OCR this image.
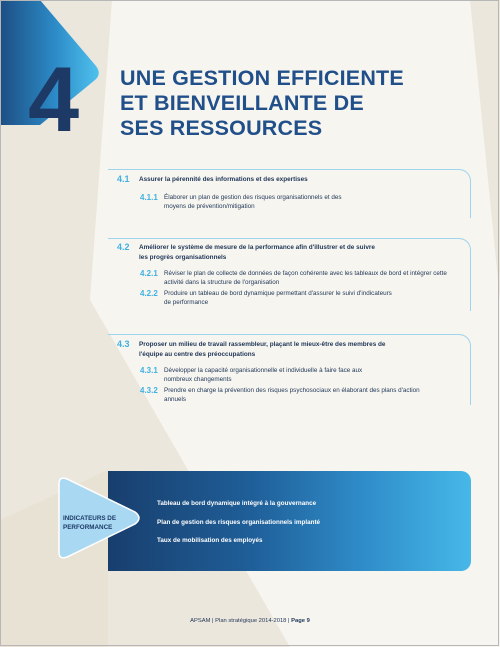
4 UNE GESTION EFFICIENTE
ET BIENVEILLANTE DE
SES RESSOURCES
4.1 Assurer la pérennité des informations et des expertises
4.1.1 Élaborer un plan de gestion des risques organisationnels et des moyens de prévention/mitigation
4.2 Améliorer le système de mesure de la performance afin d'illustrer et de suivre les progrès organisationnels
4.2.1 Réviser le plan de collecte de données de façon cohérente avec les tableaux de bord et intégrer cette activité dans la structure de l'organisation
4.2.2 Produire un tableau de bord dynamique permettant d'assurer le suivi d'indicateurs de performance
4.3 Proposer un milieu de travail rassembleur, plaçant le mieux-être des membres de l'équipe au centre des préoccupations
4.3.1 Développer la capacité organisationnelle et individuelle à faire face aux nombreux changements
4.3.2 Prendre en charge la prévention des risques psychosociaux en élaborant des plans d'action annuels
INDICATEURS DE PERFORMANCE
Tableau de bord dynamique intégré à la gouvernance
Plan de gestion des risques organisationnels implanté
Taux de mobilisation des employés
APSAM | Plan stratégique 2014-2018 | Page 9
